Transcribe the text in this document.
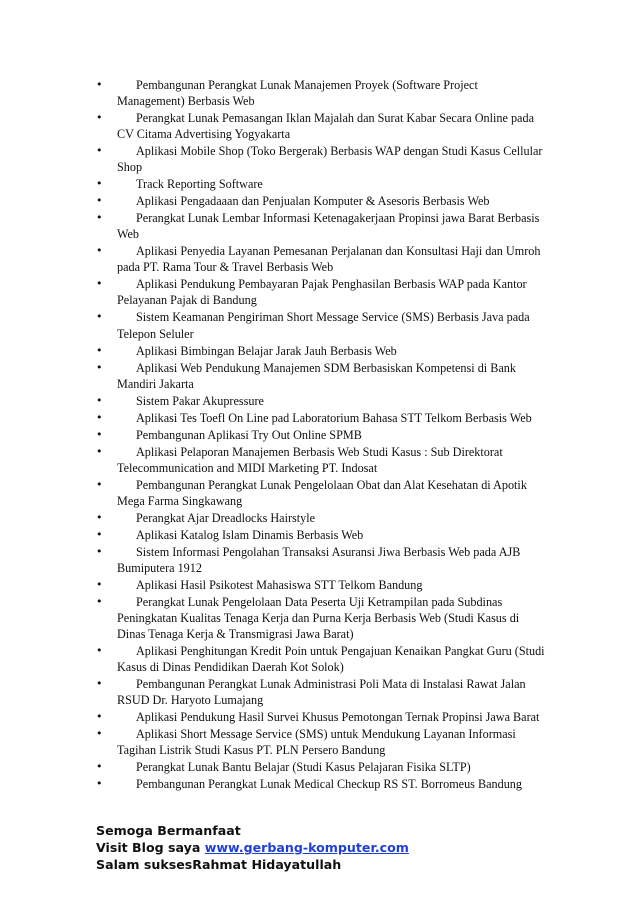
•	Pembangunan Perangkat Lunak Manajemen Proyek (Software Project Management) Berbasis Web
•	Perangkat Lunak Pemasangan Iklan Majalah dan Surat Kabar Secara Online pada CV Citama Advertising Yogyakarta
•	Aplikasi Mobile Shop (Toko Bergerak) Berbasis WAP dengan Studi Kasus Cellular Shop
•	Track Reporting Software
•	Aplikasi Pengadaaan dan Penjualan Komputer & Asesoris Berbasis Web
•	Perangkat Lunak Lembar Informasi Ketenagakerjaan Propinsi jawa Barat Berbasis Web
•	Aplikasi Penyedia Layanan Pemesanan Perjalanan dan Konsultasi Haji dan Umroh pada PT. Rama Tour & Travel Berbasis Web
•	Aplikasi Pendukung Pembayaran Pajak Penghasilan Berbasis WAP pada Kantor Pelayanan Pajak di Bandung
•	Sistem Keamanan Pengiriman Short Message Service (SMS) Berbasis Java pada Telepon Seluler
•	Aplikasi Bimbingan Belajar Jarak Jauh Berbasis Web
•	Aplikasi Web Pendukung Manajemen SDM Berbasiskan Kompetensi di Bank Mandiri Jakarta
•	Sistem Pakar Akupressure
•	Aplikasi Tes Toefl On Line pad Laboratorium Bahasa STT Telkom Berbasis Web
•	Pembangunan Aplikasi Try Out Online SPMB
•	Aplikasi Pelaporan Manajemen Berbasis Web Studi Kasus : Sub Direktorat Telecommunication and MIDI Marketing PT. Indosat
•	Pembangunan Perangkat Lunak Pengelolaan Obat dan Alat Kesehatan di Apotik Mega Farma Singkawang
•	Perangkat Ajar Dreadlocks Hairstyle
•	Aplikasi Katalog Islam Dinamis Berbasis Web
•	Sistem Informasi Pengolahan Transaksi Asuransi Jiwa Berbasis Web pada AJB Bumiputera 1912
•	Aplikasi Hasil Psikotest Mahasiswa STT Telkom Bandung
•	Perangkat Lunak Pengelolaan Data Peserta Uji Ketrampilan pada Subdinas Peningkatan Kualitas Tenaga Kerja dan Purna Kerja Berbasis Web (Studi Kasus di Dinas Tenaga Kerja & Transmigrasi Jawa Barat)
•	Aplikasi Penghitungan Kredit Poin untuk Pengajuan Kenaikan Pangkat Guru (Studi Kasus di Dinas Pendidikan Daerah Kot Solok)
•	Pembangunan Perangkat Lunak Administrasi Poli Mata di Instalasi Rawat Jalan RSUD Dr. Haryoto Lumajang
•	Aplikasi Pendukung Hasil Survei Khusus Pemotongan Ternak Propinsi Jawa Barat
•	Aplikasi Short Message Service (SMS) untuk Mendukung Layanan Informasi Tagihan Listrik Studi Kasus PT. PLN Persero Bandung
•	Perangkat Lunak Bantu Belajar (Studi Kasus Pelajaran Fisika SLTP)
•	Pembangunan Perangkat Lunak Medical Checkup RS ST. Borromeus Bandung
Semoga Bermanfaat
Visit Blog saya www.gerbang-komputer.com
Salam suksesRahmat Hidayatullah
